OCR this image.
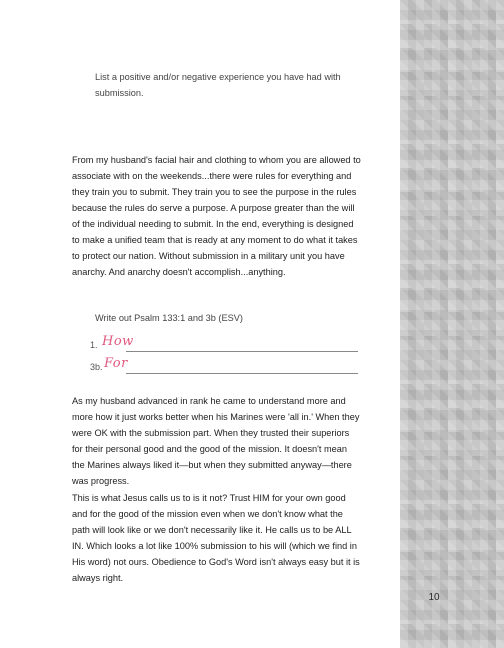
List a positive and/or negative experience you have had with submission.
From my husband's facial hair and clothing to whom you are allowed to associate with on the weekends...there were rules for everything and they train you to submit. They train you to see the purpose in the rules because the rules do serve a purpose. A purpose greater than the will of the individual needing to submit. In the end, everything is designed to make a unified team that is ready at any moment to do what it takes to protect our nation. Without submission in a military unit you have anarchy. And anarchy doesn't accomplish...anything.
Write out Psalm 133:1 and 3b (ESV)
1. How
3b. For
As my husband advanced in rank he came to understand more and more how it just works better when his Marines were 'all in.' When they were OK with the submission part. When they trusted their superiors for their personal good and the good of the mission. It doesn't mean the Marines always liked it—but when they submitted anyway—there was progress.
This is what Jesus calls us to is it not? Trust HIM for your own good and for the good of the mission even when we don't know what the path will look like or we don't necessarily like it. He calls us to be ALL IN. Which looks a lot like 100% submission to his will (which we find in His word) not ours. Obedience to God's Word isn't always easy but it is always right.
10
